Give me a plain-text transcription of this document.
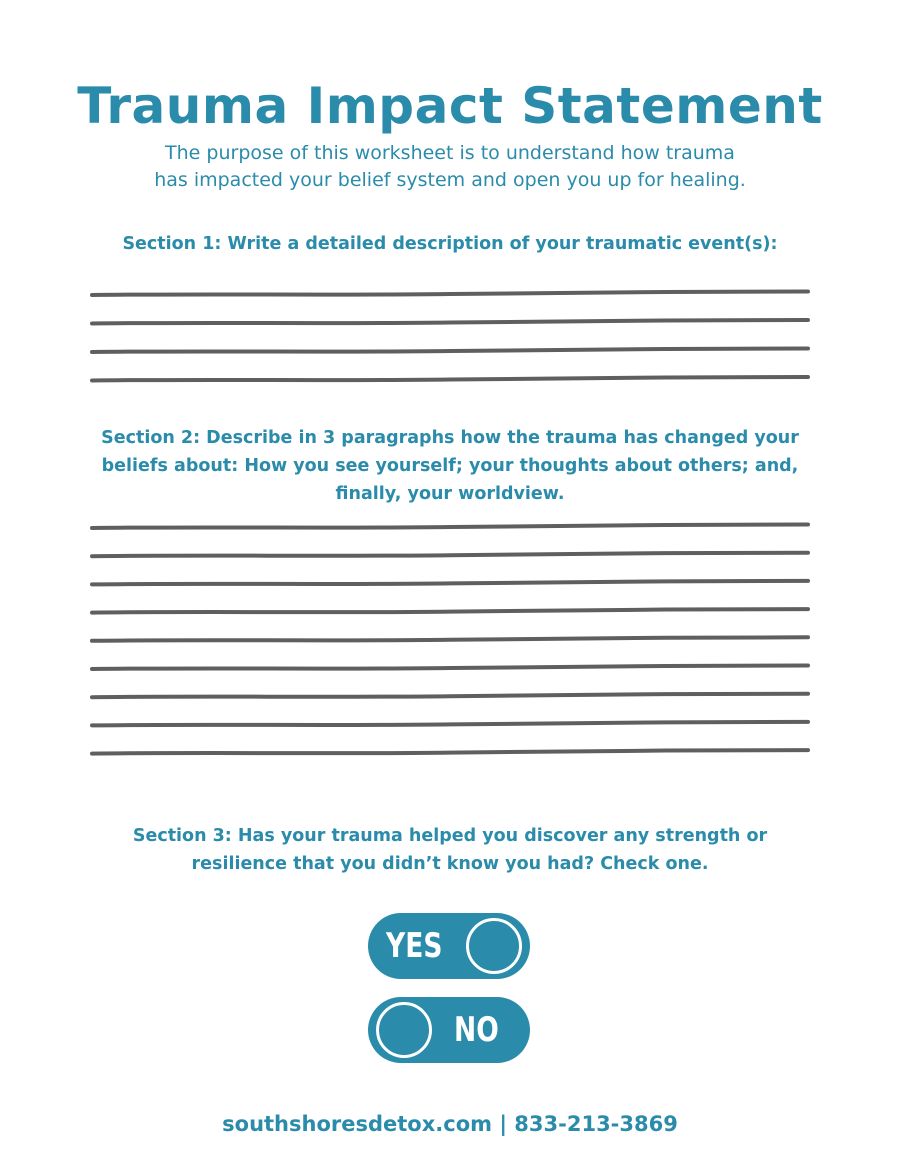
Trauma Impact Statement
The purpose of this worksheet is to understand how trauma
has impacted your belief system and open you up for healing.
Section 1: Write a detailed description of your traumatic event(s):
Section 2: Describe in 3 paragraphs how the trauma has changed your
beliefs about: How you see yourself; your thoughts about others; and,
finally, your worldview.
Section 3: Has your trauma helped you discover any strength or
resilience that you didn’t know you had? Check one.
YES
NO
southshoresdetox.com | 833-213-3869
